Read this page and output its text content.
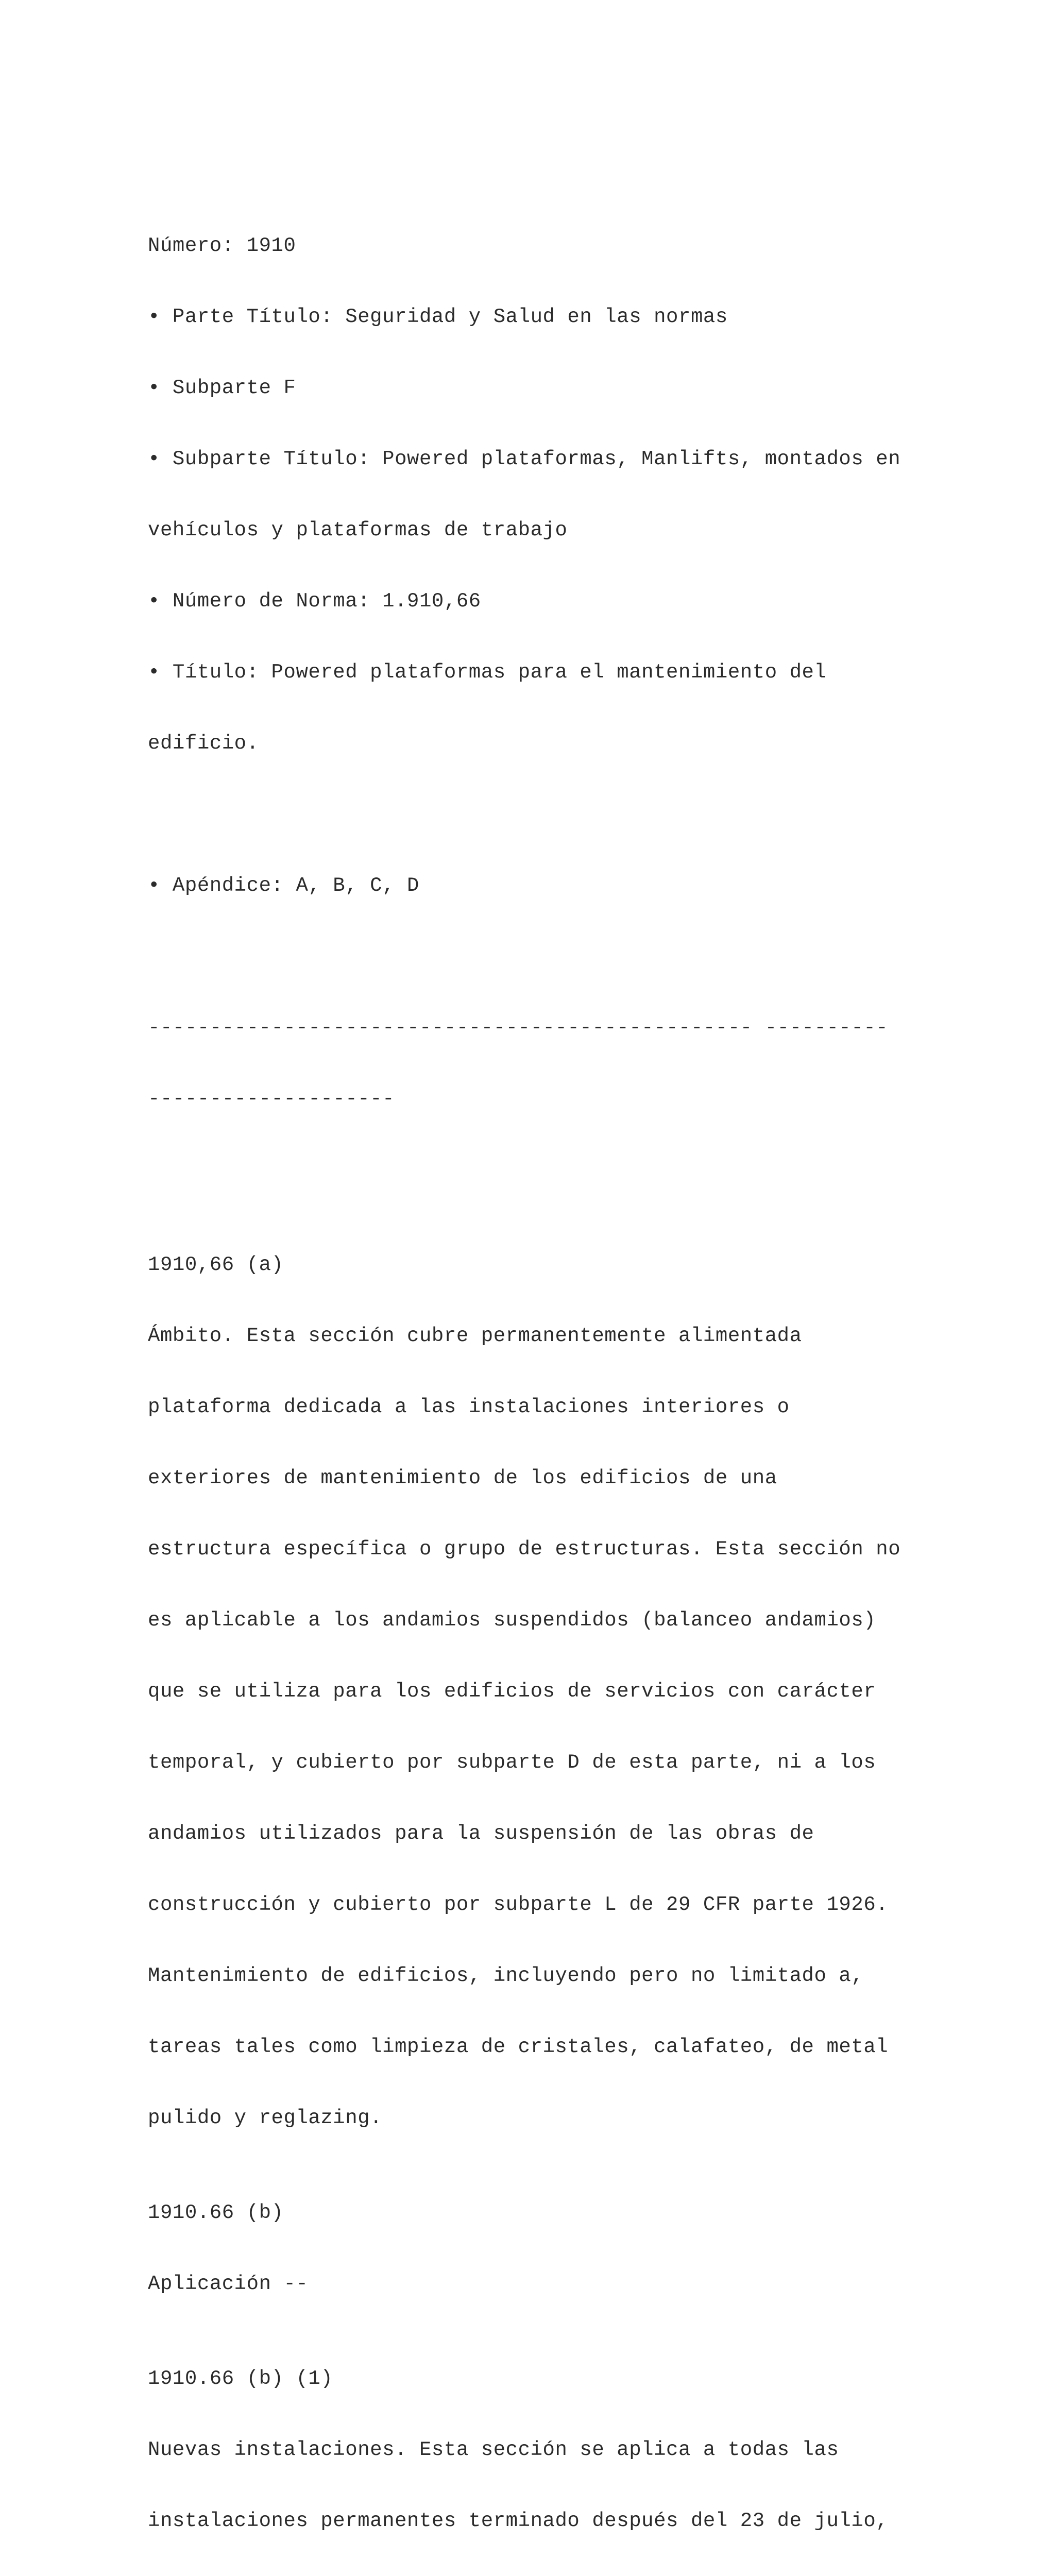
Número: 1910

• Parte Título: Seguridad y Salud en las normas

• Subparte F

• Subparte Título: Powered plataformas, Manlifts, montados en

vehículos y plataformas de trabajo

• Número de Norma: 1.910,66

• Título: Powered plataformas para el mantenimiento del

edificio.

• Apéndice: A, B, C, D

------------------------------------------------- ----------

--------------------

1910,66 (a)

Ámbito. Esta sección cubre permanentemente alimentada

plataforma dedicada a las instalaciones interiores o

exteriores de mantenimiento de los edificios de una

estructura específica o grupo de estructuras. Esta sección no

es aplicable a los andamios suspendidos (balanceo andamios)

que se utiliza para los edificios de servicios con carácter

temporal, y cubierto por subparte D de esta parte, ni a los

andamios utilizados para la suspensión de las obras de

construcción y cubierto por subparte L de 29 CFR parte 1926.

Mantenimiento de edificios, incluyendo pero no limitado a,

tareas tales como limpieza de cristales, calafateo, de metal

pulido y reglazing.

1910.66 (b)

Aplicación --

1910.66 (b) (1)

Nuevas instalaciones. Esta sección se aplica a todas las

instalaciones permanentes terminado después del 23 de julio,
